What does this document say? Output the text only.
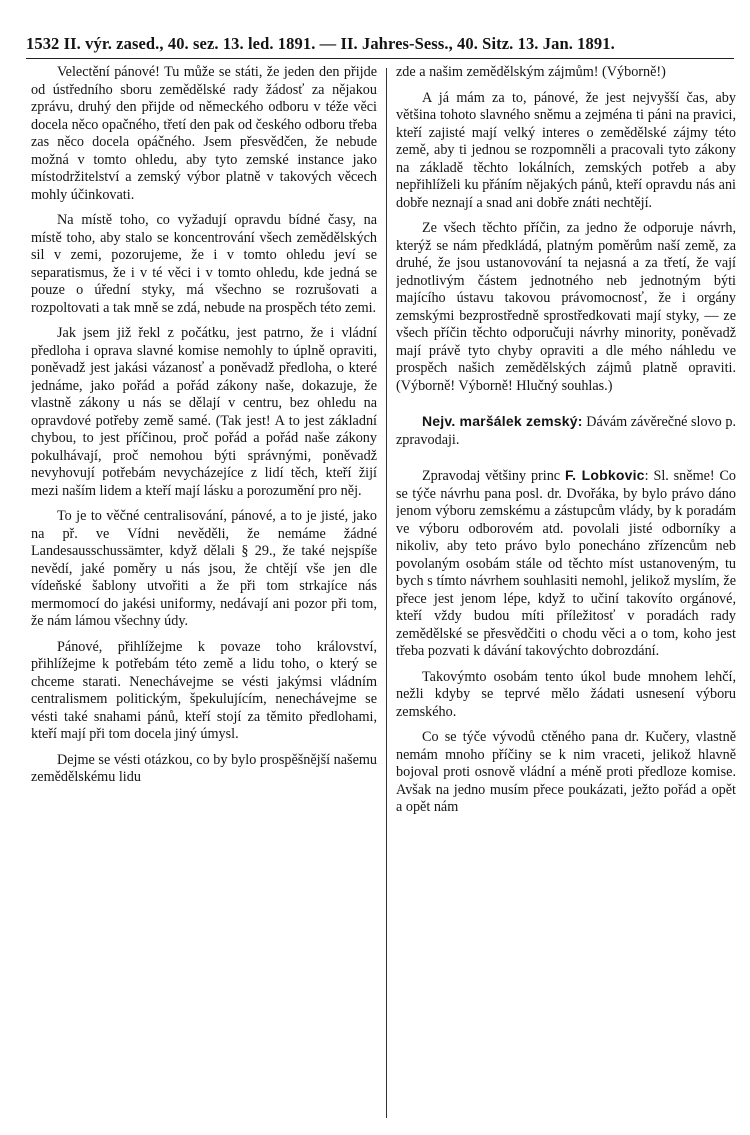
1532 II. výr. zased., 40. sez. 13. led. 1891. — II. Jahres-Sess., 40. Sitz. 13. Jan. 1891.

Velectění pánové! Tu může se státi, že jeden den přijde od ústředního sboru zemědělské rady žádosť za nějakou zprávu, druhý den přijde od německého odboru v téže věci docela něco opačného, třetí den pak od českého odboru třeba zas něco docela opáčného. Jsem přesvědčen, že nebude možná v tomto ohledu, aby tyto zemské instance jako místodržitelství a zemský výbor platně v takových věcech mohly účinkovati.

Na místě toho, co vyžadují opravdu bídné časy, na místě toho, aby stalo se koncentrování všech zemědělských sil v zemi, pozorujeme, že i v tomto ohledu jeví se separatismus, že i v té věci i v tomto ohledu, kde jedná se pouze o úřední styky, má všechno se rozrušovati a rozpoltovati a tak mně se zdá, nebude na prospěch této zemi.

Jak jsem již řekl z počátku, jest patrno, že i vládní předloha i oprava slavné komise nemohly to úplně opraviti, poněvadž jest jakási vázanosť a poněvadž předloha, o které jednáme, jako pořád a pořád zákony naše, dokazuje, že vlastně zákony u nás se dělají v centru, bez ohledu na opravdové potřeby země samé. (Tak jest! A to jest základní chybou, to jest příčinou, proč pořád a pořád naše zákony pokulhávají, proč nemohou býti správnými, poněvadž nevyhovují potřebám nevycházejíce z lidí těch, kteří žijí mezi naším lidem a kteří mají lásku a porozumění pro něj.

To je to věčné centralisování, pánové, a to je jisté, jako na př. ve Vídni nevěděli, že nemáme žádné Landesausschussämter, když dělali § 29., že také nejspíše nevědí, jaké poměry u nás jsou, že chtějí vše jen dle vídeňské šablony utvořiti a že při tom strkajíce nás mermomocí do jakési uniformy, nedávají ani pozor při tom, že nám lámou všechny údy.

Pánové, přihlížejme k povaze toho království, přihlížejme k potřebám této země a lidu toho, o který se chceme starati. Nenechávejme se vésti jakýmsi vládním centralismem politickým, špekulujícím, nenechávejme se vésti také snahami pánů, kteří stojí za těmito předlohami, kteří mají při tom docela jiný úmysl.

Dejme se vésti otázkou, co by bylo prospěšnější našemu zemědělskému lidu

zde a našim zemědělským zájmům! (Výborně!)

A já mám za to, pánové, že jest nejvyšší čas, aby většina tohoto slavného sněmu a zejména ti páni na pravici, kteří zajisté mají velký interes o zemědělské zájmy této země, aby ti jednou se rozpomněli a pracovali tyto zákony na základě těchto lokálních, zemských potřeb a aby nepřihlíželi ku přáním nějakých pánů, kteří opravdu nás ani dobře neznají a snad ani dobře znáti nechtějí.

Ze všech těchto příčin, za jedno že odporuje návrh, kterýž se nám předkládá, platným poměrům naší země, za druhé, že jsou ustanovování ta nejasná a za třetí, že vají jednotlivým částem jednotného neb jednotným býti majícího ústavu takovou právomocnosť, že i orgány zemskými bezprostředně sprostředkovati mají styky, — ze všech příčin těchto odporučuji návrhy minority, poněvadž mají právě tyto chyby opraviti a dle mého náhledu ve prospěch našich zemědělských zájmů platně opraviti. (Výborně! Výborně! Hlučný souhlas.)

Nejv. maršálek zemský: Dávám závěrečné slovo p. zpravodaji.

Zpravodaj většiny princ F. Lobkovic: Sl. sněme! Co se týče návrhu pana posl. dr. Dvořáka, by bylo právo dáno jenom výboru zemskému a zástupcům vlády, by k poradám ve výboru odborovém atd. povolali jisté odborníky a nikoliv, aby teto právo bylo ponecháno zřízencům neb povolaným osobám stále od těchto míst ustanoveným, tu bych s tímto návrhem souhlasiti nemohl, jelikož myslím, že přece jest jenom lépe, když to učiní takovíto orgánové, kteří vždy budou míti příležitosť v poradách rady zemědělské se přesvědčiti o chodu věci a o tom, koho jest třeba pozvati k dávání takovýchto dobrozdání.

Takovýmto osobám tento úkol bude mnohem lehčí, nežli kdyby se teprvé mělo žádati usnesení výboru zemského.

Co se týče vývodů ctěného pana dr. Kučery, vlastně nemám mnoho příčiny se k nim vraceti, jelikož hlavně bojoval proti osnově vládní a méně proti předloze komise. Avšak na jedno musím přece poukázati, ježto pořád a opět a opět nám
